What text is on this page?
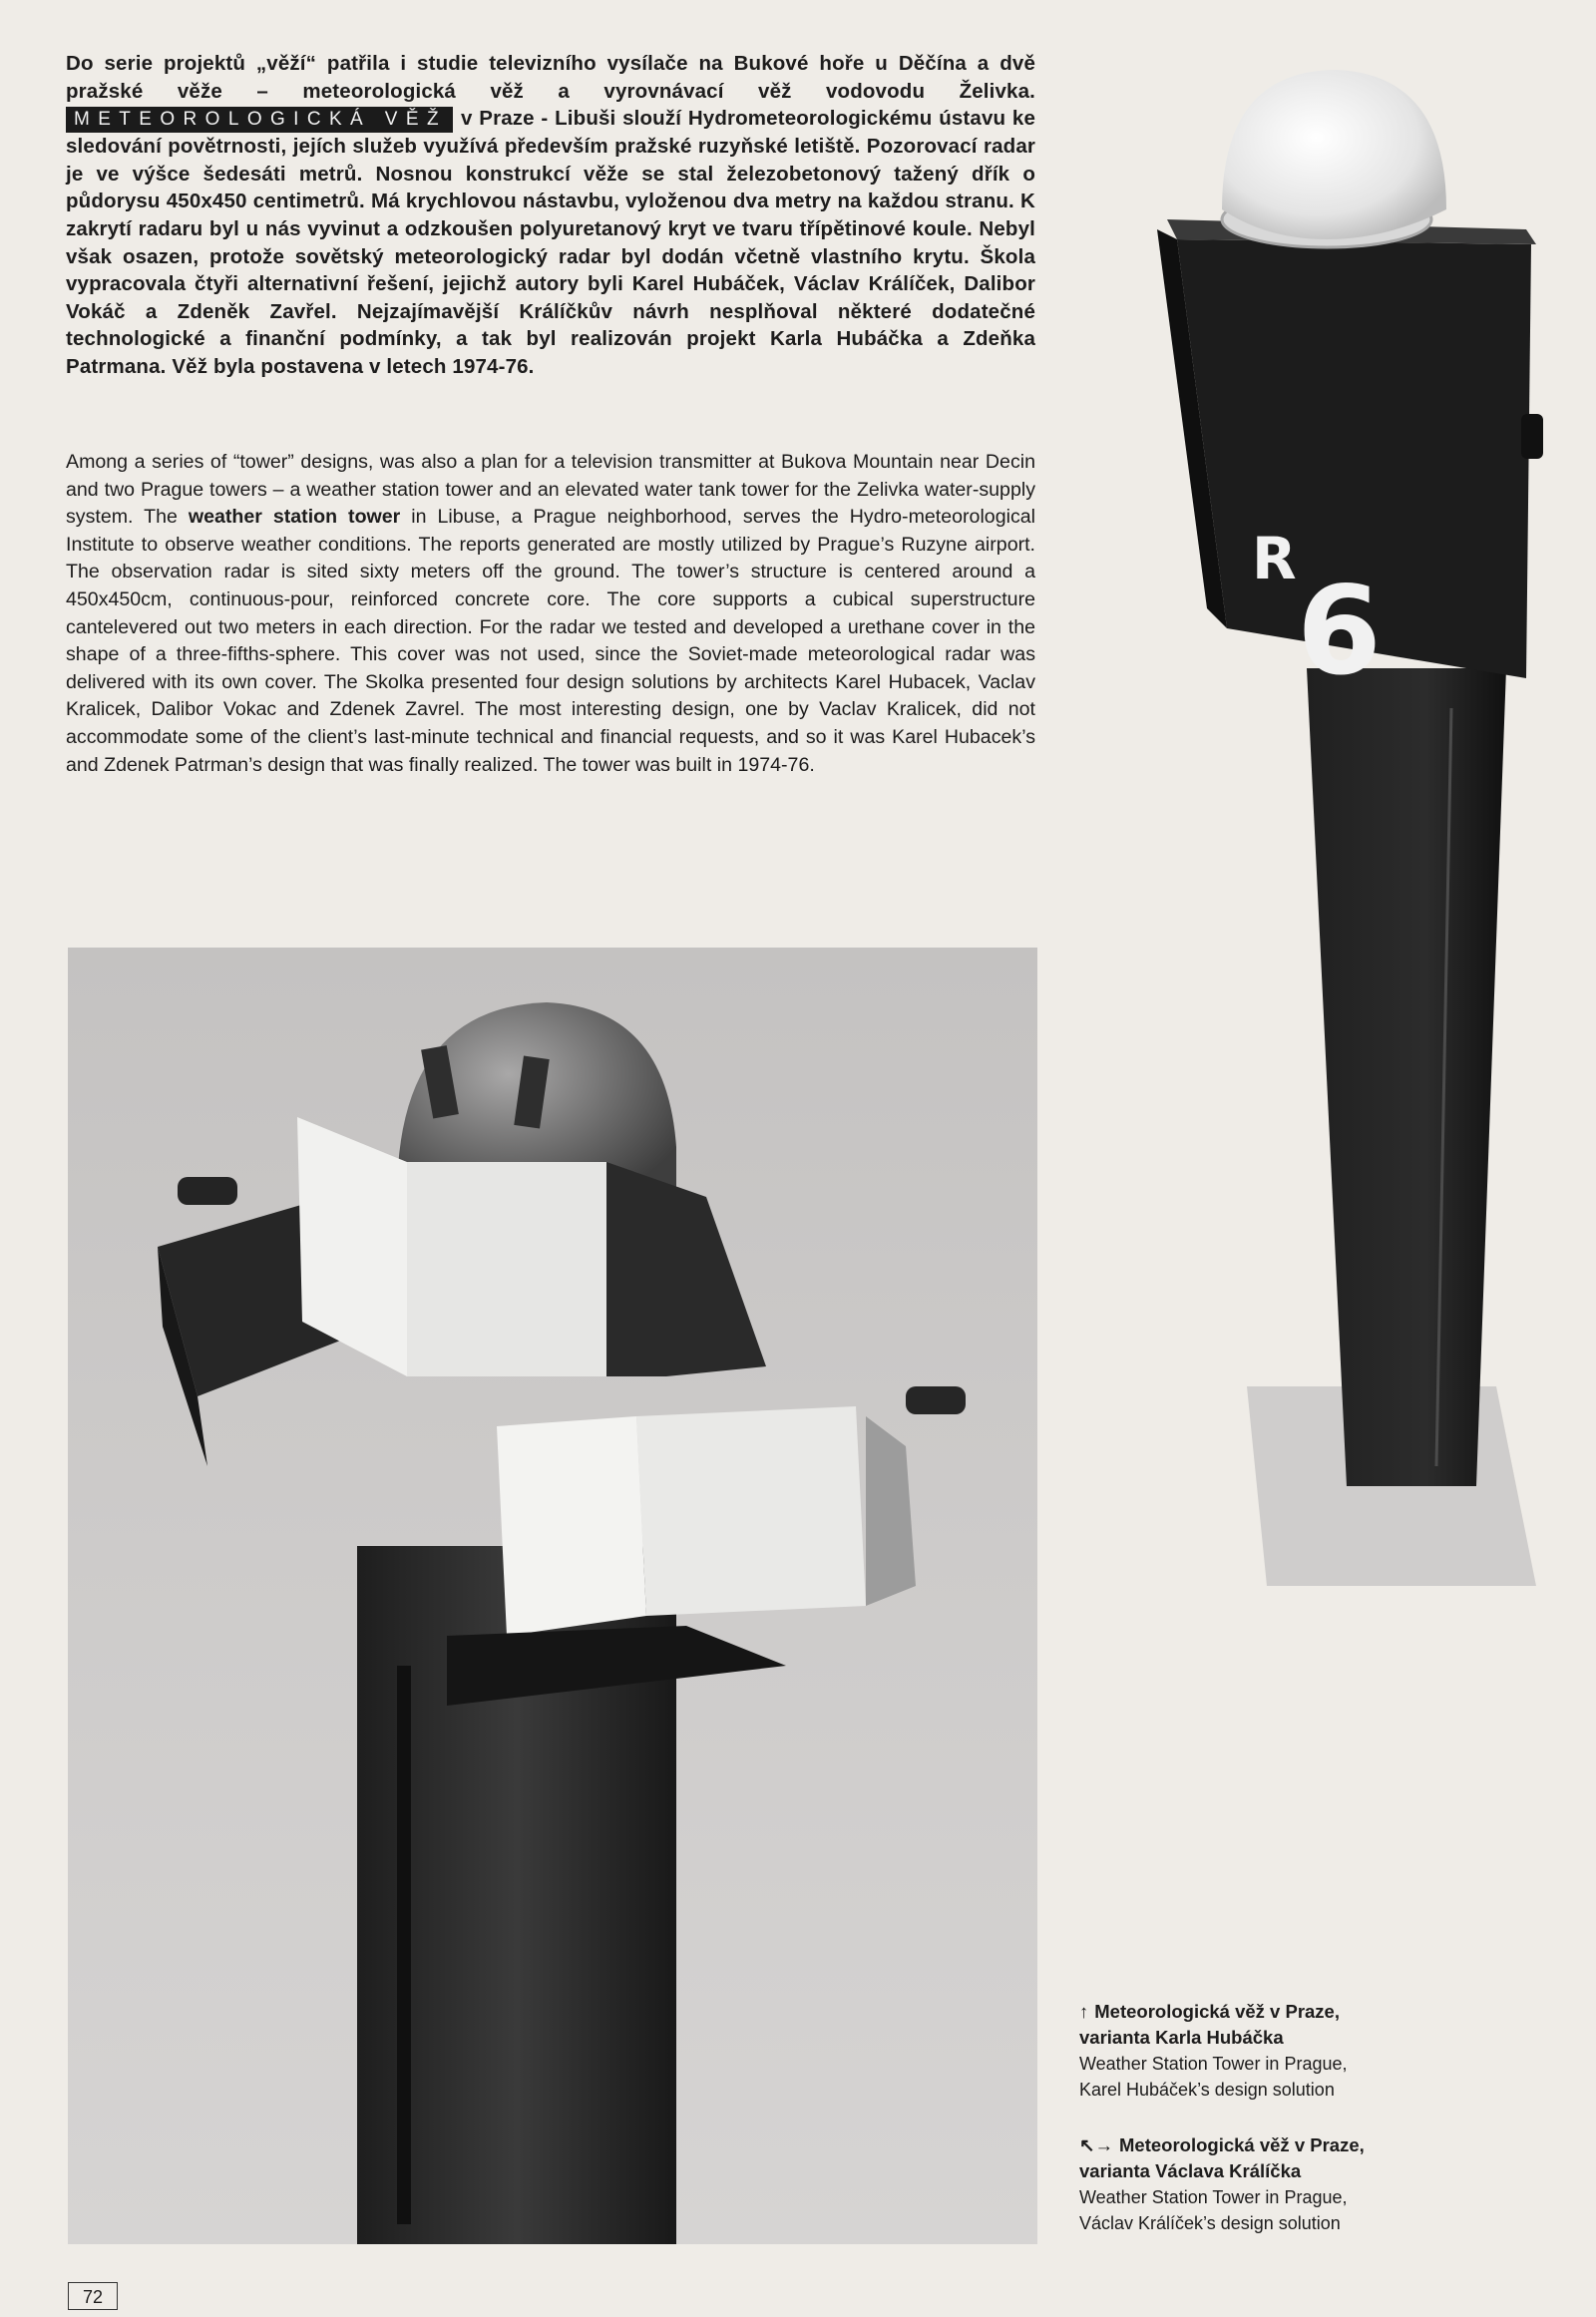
Do serie projektů „věží“ patřila i studie televizního vysílače na Bukové hoře u Děčína a dvě pražské věže – meteorologická věž a vyrovnávací věž vodovodu Želivka. METEOROLOGICKÁ VĚŽ v Praze - Libuši slouží Hydrometeorologickému ústavu ke sledování povětrnosti, jejích služeb využívá především pražské ruzyňské letiště. Pozorovací radar je ve výšce šedesáti metrů. Nosnou konstrukcí věže se stal železobetonový tažený dřík o půdorysu 450x450 centimetrů. Má krychlovou nástavbu, vyloženou dva metry na každou stranu. K zakrytí radaru byl u nás vyvinut a odzkoušen polyuretanový kryt ve tvaru třípětinové koule. Nebyl však osazen, protože sovětský meteorologický radar byl dodán včetně vlastního krytu. Škola vypracovala čtyři alternativní řešení, jejichž autory byli Karel Hubáček, Václav Králíček, Dalibor Vokáč a Zdeněk Zavřel. Nejzajímavější Králíčkův návrh nesplňoval některé dodatečné technologické a finanční podmínky, a tak byl realizován projekt Karla Hubáčka a Zdeňka Patrmana. Věž byla postavena v letech 1974-76.

Among a series of “tower” designs, was also a plan for a television transmitter at Bukova Mountain near Decin and two Prague towers – a weather station tower and an elevated water tank tower for the Zelivka water-supply system. The weather station tower in Libuse, a Prague neighborhood, serves the Hydro-meteorological Institute to observe weather conditions. The reports generated are mostly utilized by Prague’s Ruzyne airport. The observation radar is sited sixty meters off the ground. The tower’s structure is centered around a 450x450cm, continuous-pour, reinforced concrete core. The core supports a cubical superstructure cantelevered out two meters in each direction. For the radar we tested and developed a urethane cover in the shape of a three-fifths-sphere. This cover was not used, since the Soviet-made meteorological radar was delivered with its own cover. The Skolka presented four design solutions by architects Karel Hubacek, Vaclav Kralicek, Dalibor Vokac and Zdenek Zavrel. The most interesting design, one by Vaclav Kralicek, did not accommodate some of the client’s last-minute technical and financial requests, and so it was Karel Hubacek’s and Zdenek Patrman’s design that was finally realized. The tower was built in 1974-76.

R
6

↑ Meteorologická věž v Praze,
varianta Karla Hubáčka
Weather Station Tower in Prague,
Karel Hubáček’s design solution

↖→ Meteorologická věž v Praze,
varianta Václava Králíčka
Weather Station Tower in Prague,
Václav Králíček’s design solution

72
